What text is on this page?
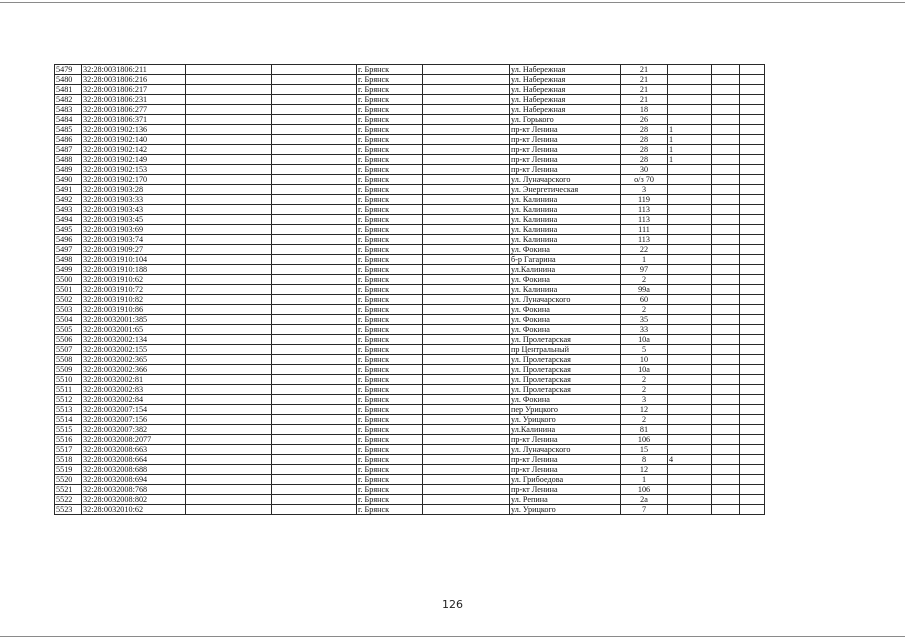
5479	32:28:0031806:211			г. Брянск		ул. Набережная	21			
5480	32:28:0031806:216			г. Брянск		ул. Набережная	21			
5481	32:28:0031806:217			г. Брянск		ул. Набережная	21			
5482	32:28:0031806:231			г. Брянск		ул. Набережная	21			
5483	32:28:0031806:277			г. Брянск		ул. Набережная	18			
5484	32:28:0031806:371			г. Брянск		ул. Горького	26			
5485	32:28:0031902:136			г. Брянск		пр-кт Ленина	28	1		
5486	32:28:0031902:140			г. Брянск		пр-кт Ленина	28	1		
5487	32:28:0031902:142			г. Брянск		пр-кт Ленина	28	1		
5488	32:28:0031902:149			г. Брянск		пр-кт Ленина	28	1		
5489	32:28:0031902:153			г. Брянск		пр-кт Ленина	30			
5490	32:28:0031902:170			г. Брянск		ул. Луначарского	о/з 70			
5491	32:28:0031903:28			г. Брянск		ул. Энергетическая	3			
5492	32:28:0031903:33			г. Брянск		ул. Калинина	119			
5493	32:28:0031903:43			г. Брянск		ул. Калинина	113			
5494	32:28:0031903:45			г. Брянск		ул. Калинина	113			
5495	32:28:0031903:69			г. Брянск		ул. Калинина	111			
5496	32:28:0031903:74			г. Брянск		ул. Калинина	113			
5497	32:28:0031909:27			г. Брянск		ул. Фокина	22			
5498	32:28:0031910:104			г. Брянск		б-р Гагарина	1			
5499	32:28:0031910:188			г. Брянск		ул.Калинина	97			
5500	32:28:0031910:62			г. Брянск		ул. Фокина	2			
5501	32:28:0031910:72			г. Брянск		ул. Калинина	99а			
5502	32:28:0031910:82			г. Брянск		ул. Луначарского	60			
5503	32:28:0031910:86			г. Брянск		ул. Фокина	2			
5504	32:28:0032001:385			г. Брянск		ул. Фокина	35			
5505	32:28:0032001:65			г. Брянск		ул. Фокина	33			
5506	32:28:0032002:134			г. Брянск		ул. Пролетарская	10а			
5507	32:28:0032002:155			г. Брянск		пр Центральный	5			
5508	32:28:0032002:365			г. Брянск		ул. Пролетарская	10			
5509	32:28:0032002:366			г. Брянск		ул. Пролетарская	10а			
5510	32:28:0032002:81			г. Брянск		ул. Пролетарская	2			
5511	32:28:0032002:83			г. Брянск		ул. Пролетарская	2			
5512	32:28:0032002:84			г. Брянск		ул. Фокина	3			
5513	32:28:0032007:154			г. Брянск		пер Урицкого	12			
5514	32:28:0032007:156			г. Брянск		ул. Урицкого	2			
5515	32:28:0032007:382			г. Брянск		ул.Калинина	81			
5516	32:28:0032008:2077			г. Брянск		пр-кт Ленина	106			
5517	32:28:0032008:663			г. Брянск		ул. Луначарского	15			
5518	32:28:0032008:664			г. Брянск		пр-кт Ленина	8	4		
5519	32:28:0032008:688			г. Брянск		пр-кт Ленина	12			
5520	32:28:0032008:694			г. Брянск		ул. Грибоедова	1			
5521	32:28:0032008:768			г. Брянск		пр-кт Ленина	106			
5522	32:28:0032008:802			г. Брянск		ул. Репина	2а			
5523	32:28:0032010:62			г. Брянск		ул. Урицкого	7			
126
